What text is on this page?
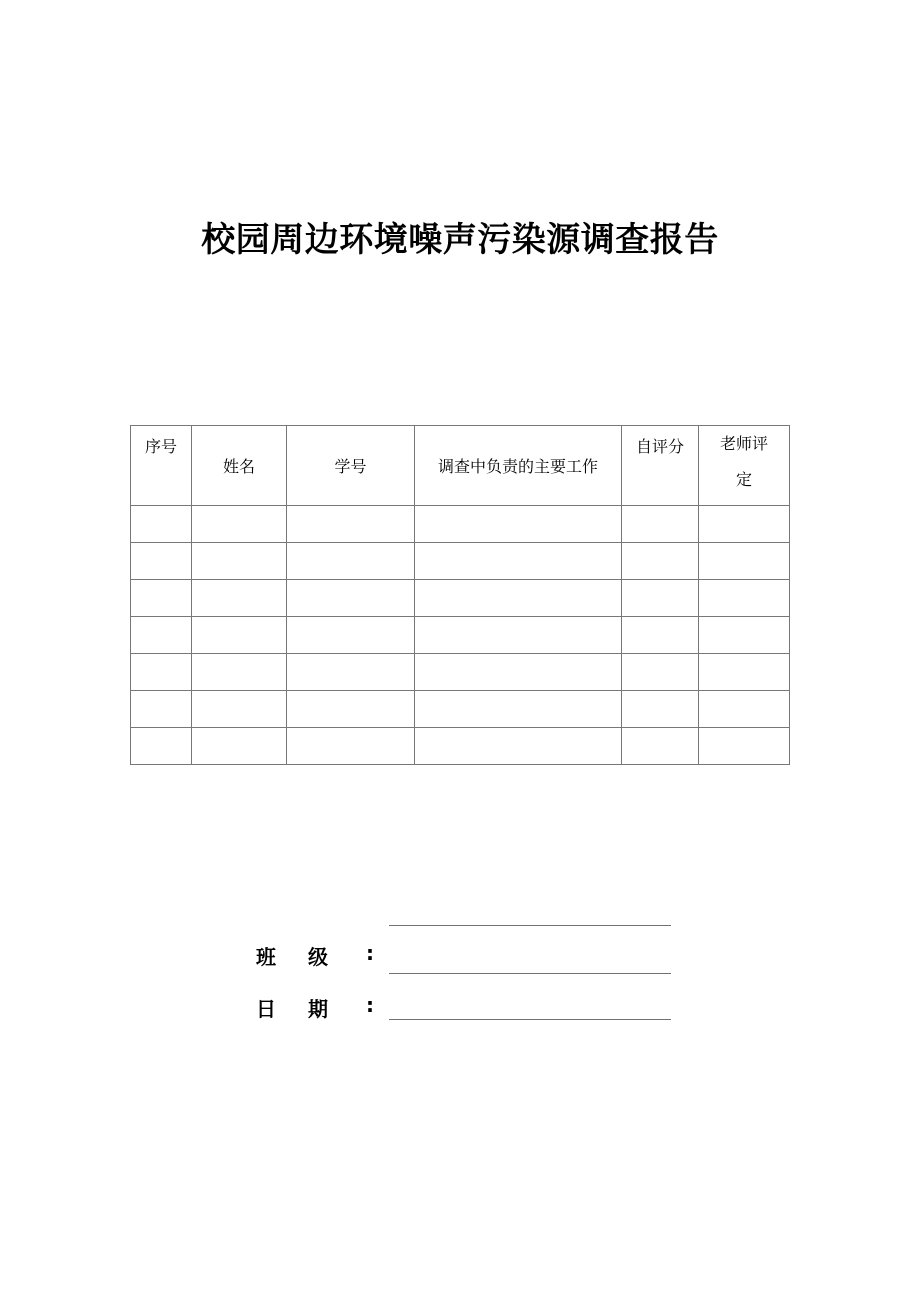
校园周边环境噪声污染源调查报告
序号	姓名	学号	调查中负责的主要工作	自评分	老师评定

班 级 :
日 期 :
